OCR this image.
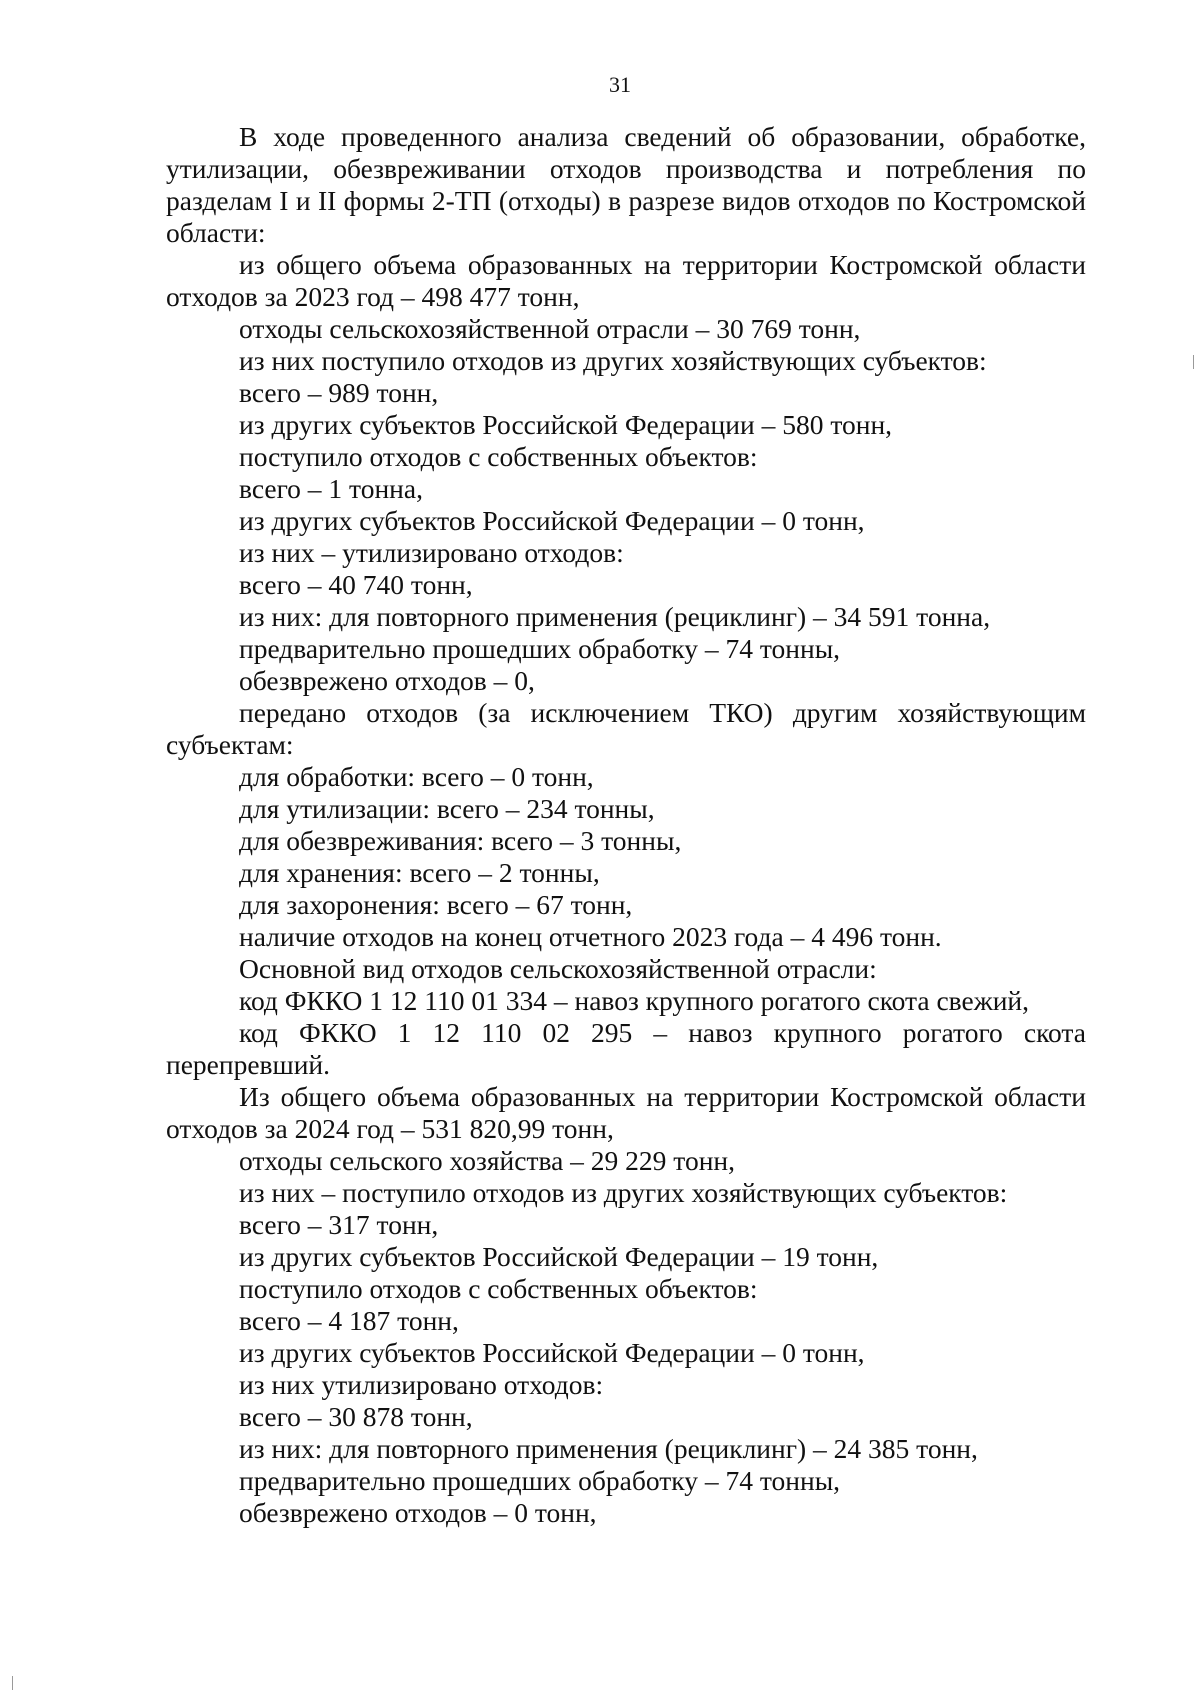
31

В ходе проведенного анализа сведений об образовании, обработке, утилизации, обезвреживании отходов производства и потребления по разделам I и II формы 2-ТП (отходы) в разрезе видов отходов по Костромской области:

из общего объема образованных на территории Костромской области отходов за 2023 год – 498 477 тонн,

отходы сельскохозяйственной отрасли – 30 769 тонн,

из них поступило отходов из других хозяйствующих субъектов:

всего – 989 тонн,

из других субъектов Российской Федерации – 580 тонн,

поступило отходов с собственных объектов:

всего – 1 тонна,

из других субъектов Российской Федерации – 0 тонн,

из них – утилизировано отходов:

всего – 40 740 тонн,

из них: для повторного применения (рециклинг) – 34 591 тонна,

предварительно прошедших обработку – 74 тонны,

обезврежено отходов – 0,

передано отходов (за исключением ТКО) другим хозяйствующим субъектам:

для обработки: всего – 0 тонн,

для утилизации: всего – 234 тонны,

для обезвреживания: всего – 3 тонны,

для хранения: всего – 2 тонны,

для захоронения: всего – 67 тонн,

наличие отходов на конец отчетного 2023 года – 4 496 тонн.

Основной вид отходов сельскохозяйственной отрасли:

код ФККО 1 12 110 01 334 – навоз крупного рогатого скота свежий,

код ФККО 1 12 110 02 295 – навоз крупного рогатого скота перепревший.

Из общего объема образованных на территории Костромской области отходов за 2024 год – 531 820,99 тонн,

отходы сельского хозяйства – 29 229 тонн,

из них – поступило отходов из других хозяйствующих субъектов:

всего – 317 тонн,

из других субъектов Российской Федерации – 19 тонн,

поступило отходов с собственных объектов:

всего – 4 187 тонн,

из других субъектов Российской Федерации – 0 тонн,

из них утилизировано отходов:

всего – 30 878 тонн,

из них: для повторного применения (рециклинг) – 24 385 тонн,

предварительно прошедших обработку – 74 тонны,

обезврежено отходов – 0 тонн,
